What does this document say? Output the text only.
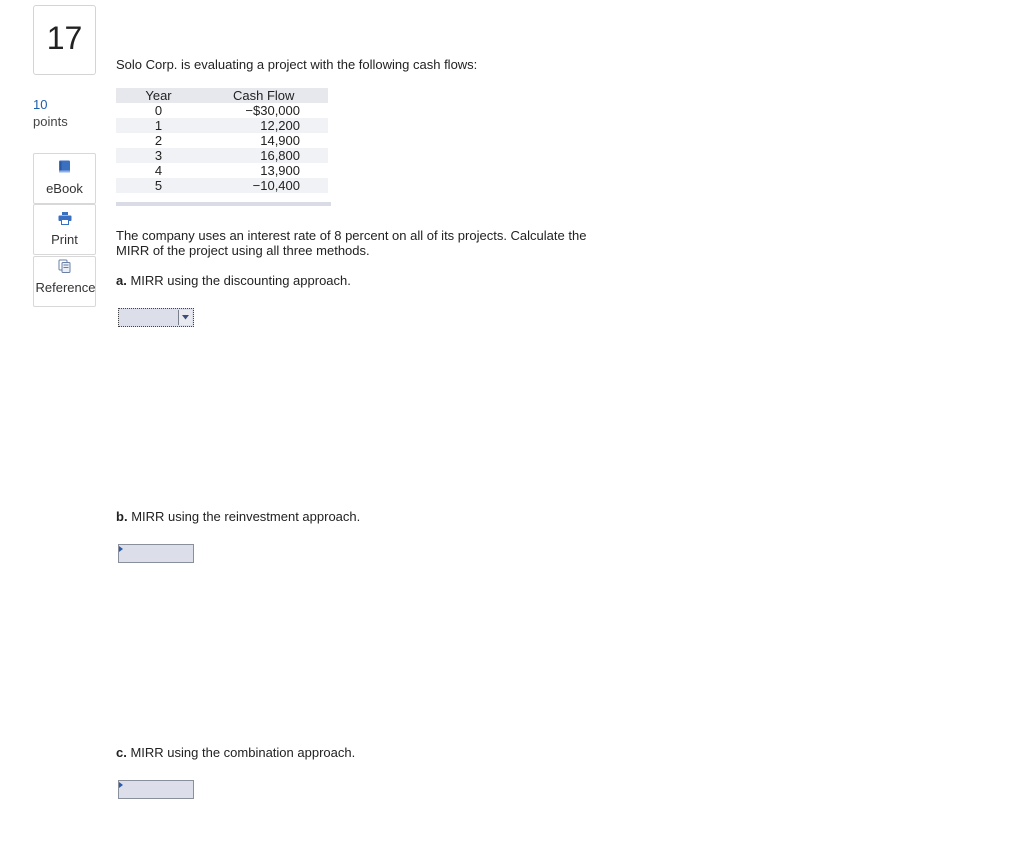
17
10
points
eBook
Print
Reference
Solo Corp. is evaluating a project with the following cash flows:
Year	Cash Flow
0	−$30,000
1	12,200
2	14,900
3	16,800
4	13,900
5	−10,400
The company uses an interest rate of 8 percent on all of its projects. Calculate the MIRR of the project using all three methods.
a. MIRR using the discounting approach.
b. MIRR using the reinvestment approach.
c. MIRR using the combination approach.
